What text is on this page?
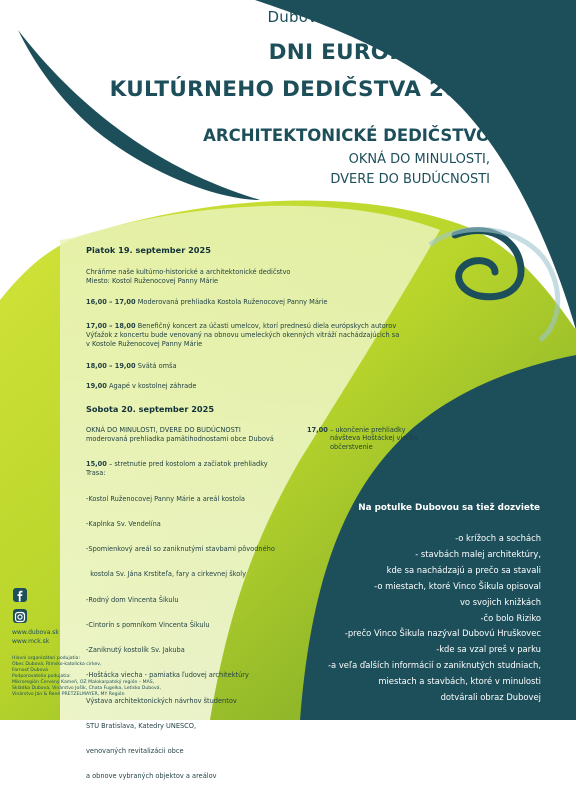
Dubová 19. – 20. september 2025
DNI EURÓPSKEHO
KULTÚRNEHO DEDIČSTVA 2025
ARCHITEKTONICKÉ DEDIČSTVO
OKNÁ DO MINULOSTI,
DVERE DO BUDÚCNOSTI
Piatok 19. september 2025
Chráňme naše kultúrno-historické a architektonické dedičstvo
Miesto: Kostol Ruženocovej Panny Márie
16,00 – 17,00 Moderovaná prehliadka Kostola Ruženocovej Panny Márie
17,00 – 18,00 Benefičný koncert za účasti umelcov, ktorí prednesú diela európskych autorov
Výťažok z koncertu bude venovaný na obnovu umeleckých okenných vitráží nachádzajúcich sa
v Kostole Ruženocovej Panny Márie
18,00 – 19,00 Svätá omša
19,00 Agapé v kostolnej záhrade
Sobota 20. september 2025
OKNÁ DO MINULOSTI, DVERE DO BUDÚCNOSTI
moderovaná prehliadka pamätihodnostami obce Dubová
15,00 – stretnutie pred kostolom a začiatok prehliadky
Trasa:

-Kostol Ruženocovej Panny Márie a areál kostola

-Kaplnka Sv. Vendelína

-Spomienkový areál so zaniknutými stavbami pôvodného

kostola Sv. Jána Krstiteľa, fary a cirkevnej školy

-Rodný dom Vincenta Šikulu

-Cintorín s pomníkom Vincenta Šikulu

-Zaniknutý kostolík Sv. Jakuba

-Hoštácka viecha - pamiatka ľudovej architektúry

Výstava architektonických návrhov študentov

STU Bratislava, Katedry UNESCO,

venovaných revitalizácii obce

a obnove vybraných objektov a areálov

17,00 – ukončenie prehliadky
návšteva Hoštáckej viechy
občerstvenie
Na potulke Dubovou sa tiež dozviete
-o krížoch a sochách
- stavbách malej architektúry,
kde sa nachádzajú a prečo sa stavali
-o miestach, ktoré Vinco Šikula opisoval
vo svojich knižkách
-čo bolo Riziko
-prečo Vinco Šikula nazýval Dubovú Hruškovec
-kde sa vzal preš v parku
-a veľa ďalších informácií o zaniknutých studniach,
miestach a stavbách, ktoré v minulosti
dotvárali obraz Dubovej
www.dubova.sk
www.mck.sk
Hlavní organizátori podujatia:
Obec Dubová, Rímsko-katolícka cirkev,
Farnosť Dubová
Podporovatelia podujatia:
Mikroregión Červený Kameň, OZ Malokarpatský región – MAS,
Skládka Dubová, Vinárstvo Jošík, Chata Fugelka, Letisko Dubová,
Vinárstvo Ján & René PRETZELMAYER, MY Región
